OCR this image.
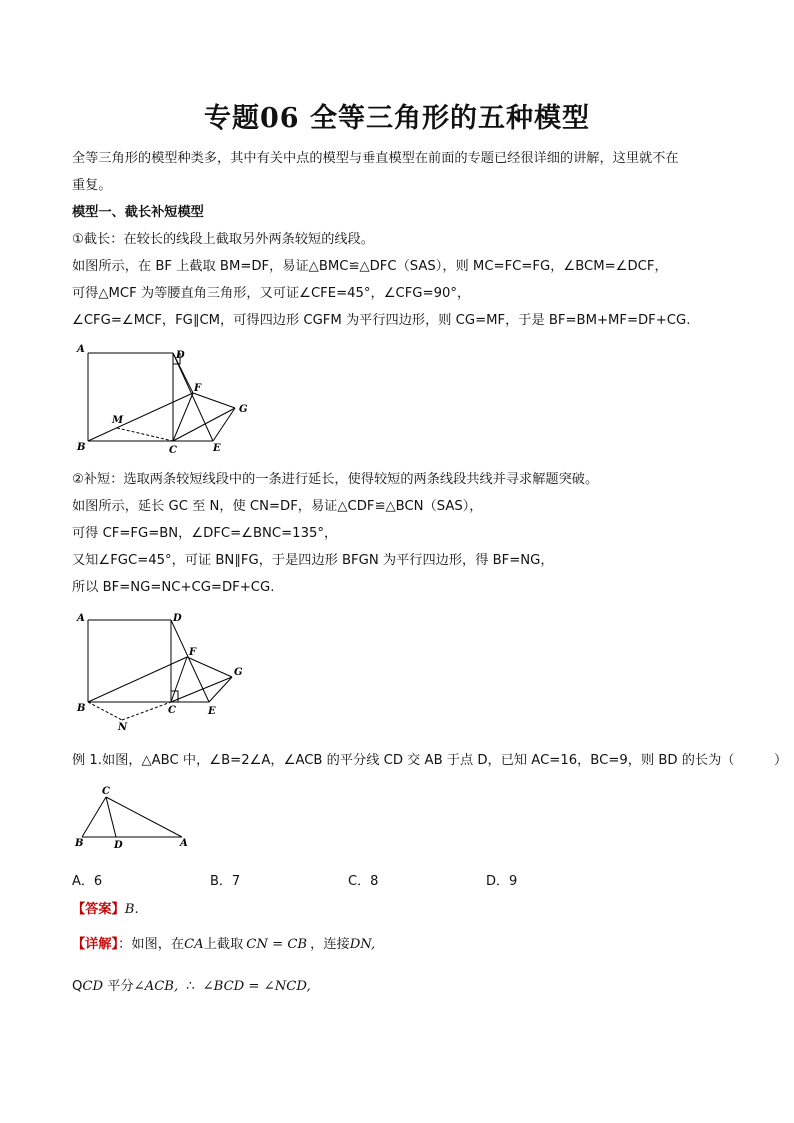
专题06 全等三角形的五种模型
全等三角形的模型种类多，其中有关中点的模型与垂直模型在前面的专题已经很详细的讲解，这里就不在
重复。
模型一、截长补短模型
①截长：在较长的线段上截取另外两条较短的线段。
如图所示，在 BF 上截取 BM=DF，易证△BMC≌△DFC（SAS），则 MC=FC=FG，∠BCM=∠DCF，
可得△MCF 为等腰直角三角形，又可证∠CFE=45°，∠CFG=90°，
∠CFG=∠MCF，FG∥CM，可得四边形 CGFM 为平行四边形，则 CG=MF，于是 BF=BM+MF=DF+CG.
A
D
F
G
M
B	C	E
②补短：选取两条较短线段中的一条进行延长，使得较短的两条线段共线并寻求解题突破。
如图所示，延长 GC 至 N，使 CN=DF，易证△CDF≌△BCN（SAS），
可得 CF=FG=BN，∠DFC=∠BNC=135°，
又知∠FGC=45°，可证 BN∥FG，于是四边形 BFGN 为平行四边形，得 BF=NG，
所以 BF=NG=NC+CG=DF+CG.
A	D
F
G
B	C	E
N
例 1.如图，△ABC 中，∠B=2∠A，∠ACB 的平分线 CD 交 AB 于点 D，已知 AC=16，BC=9，则 BD 的长为（　　　）
C
B	D	A
A．6	B．7	C．8	D．9
【答案】B.
【详解】：如图，在CA上截取 CN = CB ，连接DN,
QCD 平分∠ACB, ∴ ∠BCD = ∠NCD,
